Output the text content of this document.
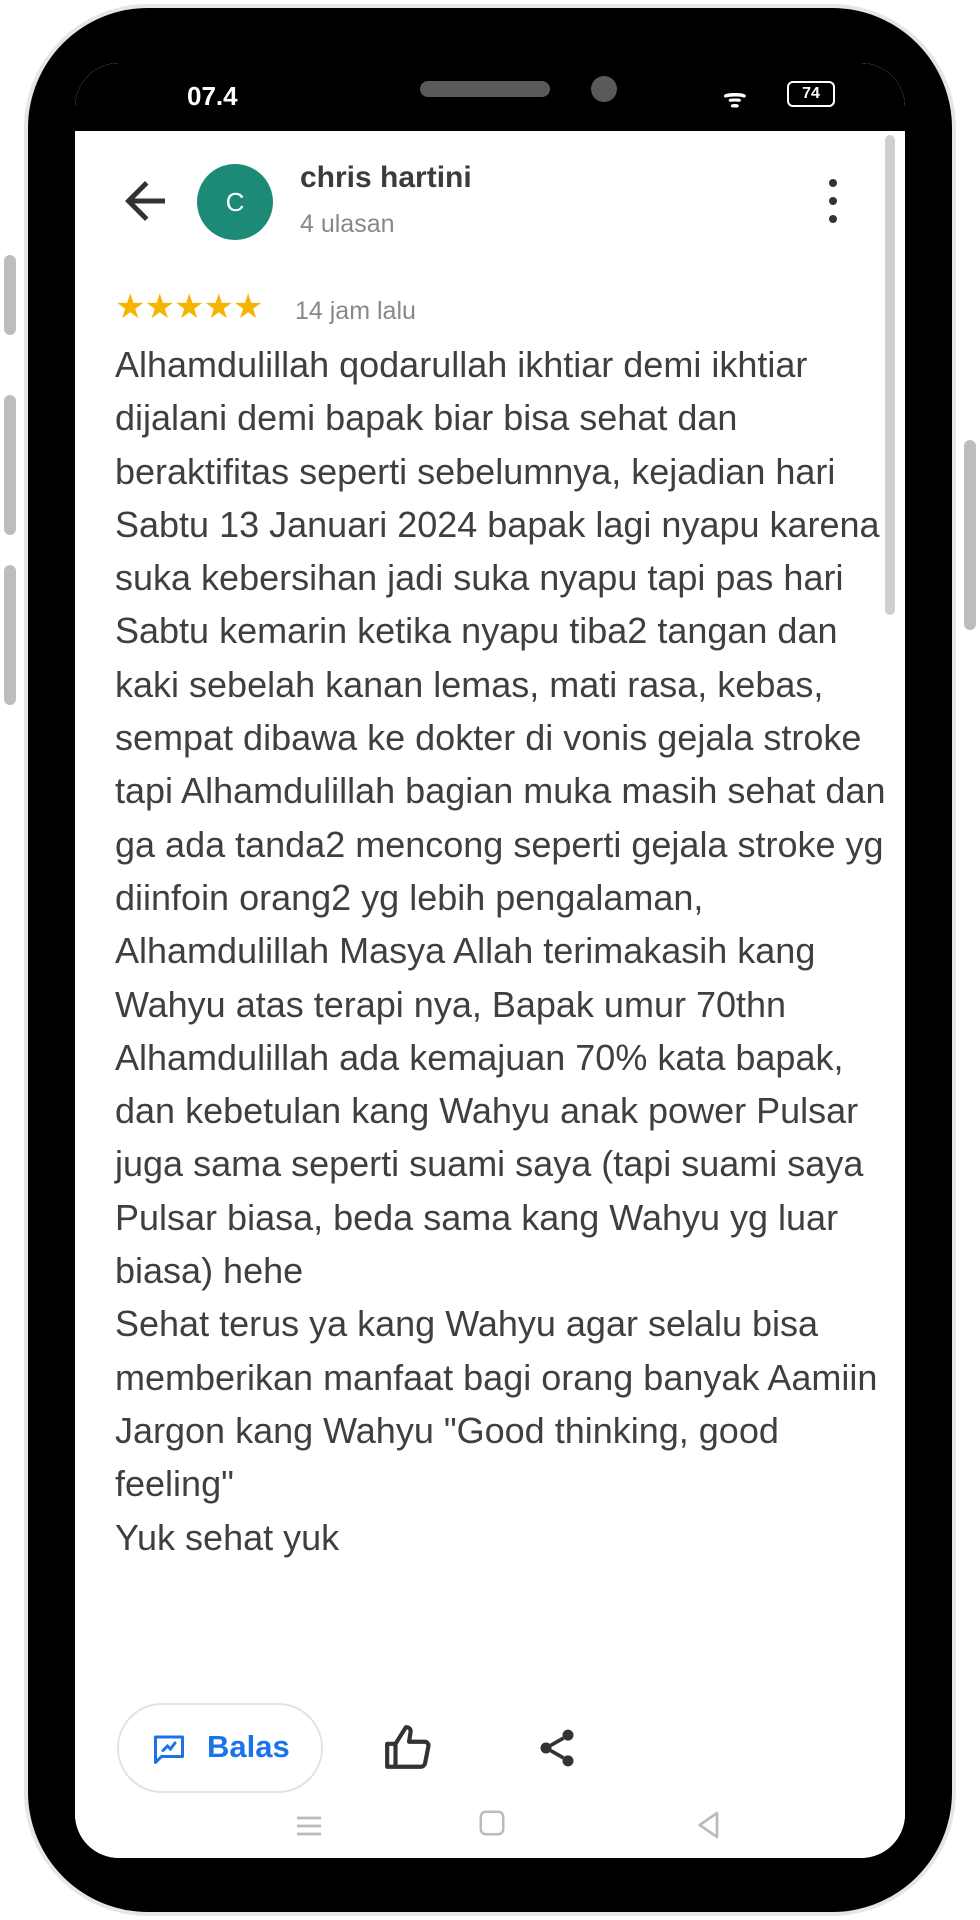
07.4	ᯤ	74
C
chris hartini
4 ulasan
★★★★★ 14 jam lalu

Alhamdulillah qodarullah ikhtiar demi ikhtiar dijalani demi bapak biar bisa sehat dan beraktifitas seperti sebelumnya, kejadian hari Sabtu 13 Januari 2024 bapak lagi nyapu karena suka kebersihan jadi suka nyapu tapi pas hari Sabtu kemarin ketika nyapu tiba2 tangan dan kaki sebelah kanan lemas, mati rasa, kebas, sempat dibawa ke dokter di vonis gejala stroke tapi Alhamdulillah bagian muka masih sehat dan ga ada tanda2 mencong seperti gejala stroke yg diinfoin orang2 yg lebih pengalaman, Alhamdulillah Masya Allah terimakasih kang Wahyu atas terapi nya, Bapak umur 70thn Alhamdulillah ada kemajuan 70% kata bapak, dan kebetulan kang Wahyu anak power Pulsar juga sama seperti suami saya (tapi suami saya Pulsar biasa, beda sama kang Wahyu yg luar biasa) hehe

Sehat terus ya kang Wahyu agar selalu bisa memberikan manfaat bagi orang banyak Aamiin

Jargon kang Wahyu "Good thinking, good feeling"

Yuk sehat yuk

Balas
